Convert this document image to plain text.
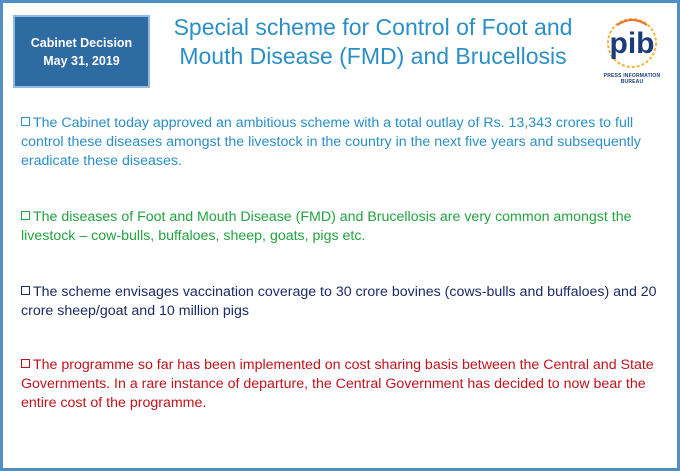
Cabinet Decision
May 31, 2019
Special scheme for Control of Foot and Mouth Disease (FMD) and Brucellosis	pib
PRESS INFORMATION BUREAU
The Cabinet today approved an ambitious scheme with a total outlay of Rs. 13,343 crores to full control these diseases amongst the livestock in the country in the next five years and subsequently eradicate these diseases.
The diseases of Foot and Mouth Disease (FMD) and Brucellosis are very common amongst the livestock – cow-bulls, buffaloes, sheep, goats, pigs etc.
The scheme envisages vaccination coverage to 30 crore bovines (cows-bulls and buffaloes) and 20 crore sheep/goat and 10 million pigs
The programme so far has been implemented on cost sharing basis between the Central and State Governments. In a rare instance of departure, the Central Government has decided to now bear the entire cost of the programme.
